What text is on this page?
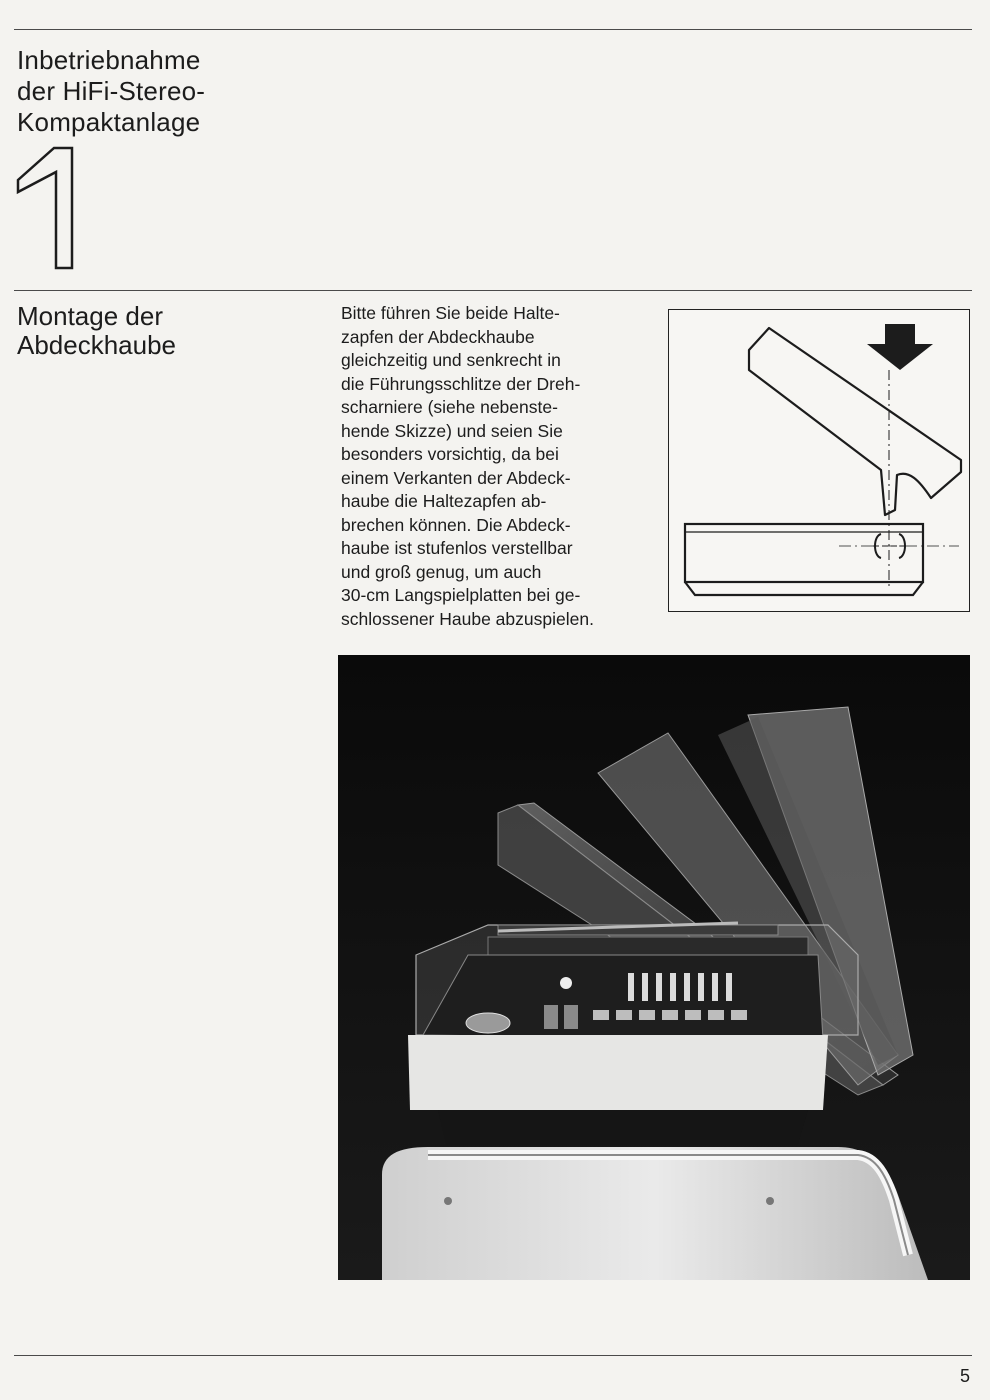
Inbetriebnahme
der HiFi-Stereo-
Kompaktanlage
1
Montage der
Abdeckhaube

Bitte führen Sie beide Halte-
zapfen der Abdeckhaube
gleichzeitig und senkrecht in
die Führungsschlitze der Dreh-
scharniere (siehe nebenste-
hende Skizze) und seien Sie
besonders vorsichtig, da bei
einem Verkanten der Abdeck-
haube die Haltezapfen ab-
brechen können. Die Abdeck-
haube ist stufenlos verstellbar
und groß genug, um auch
30-cm Langspielplatten bei ge-
schlossener Haube abzuspielen.

5
